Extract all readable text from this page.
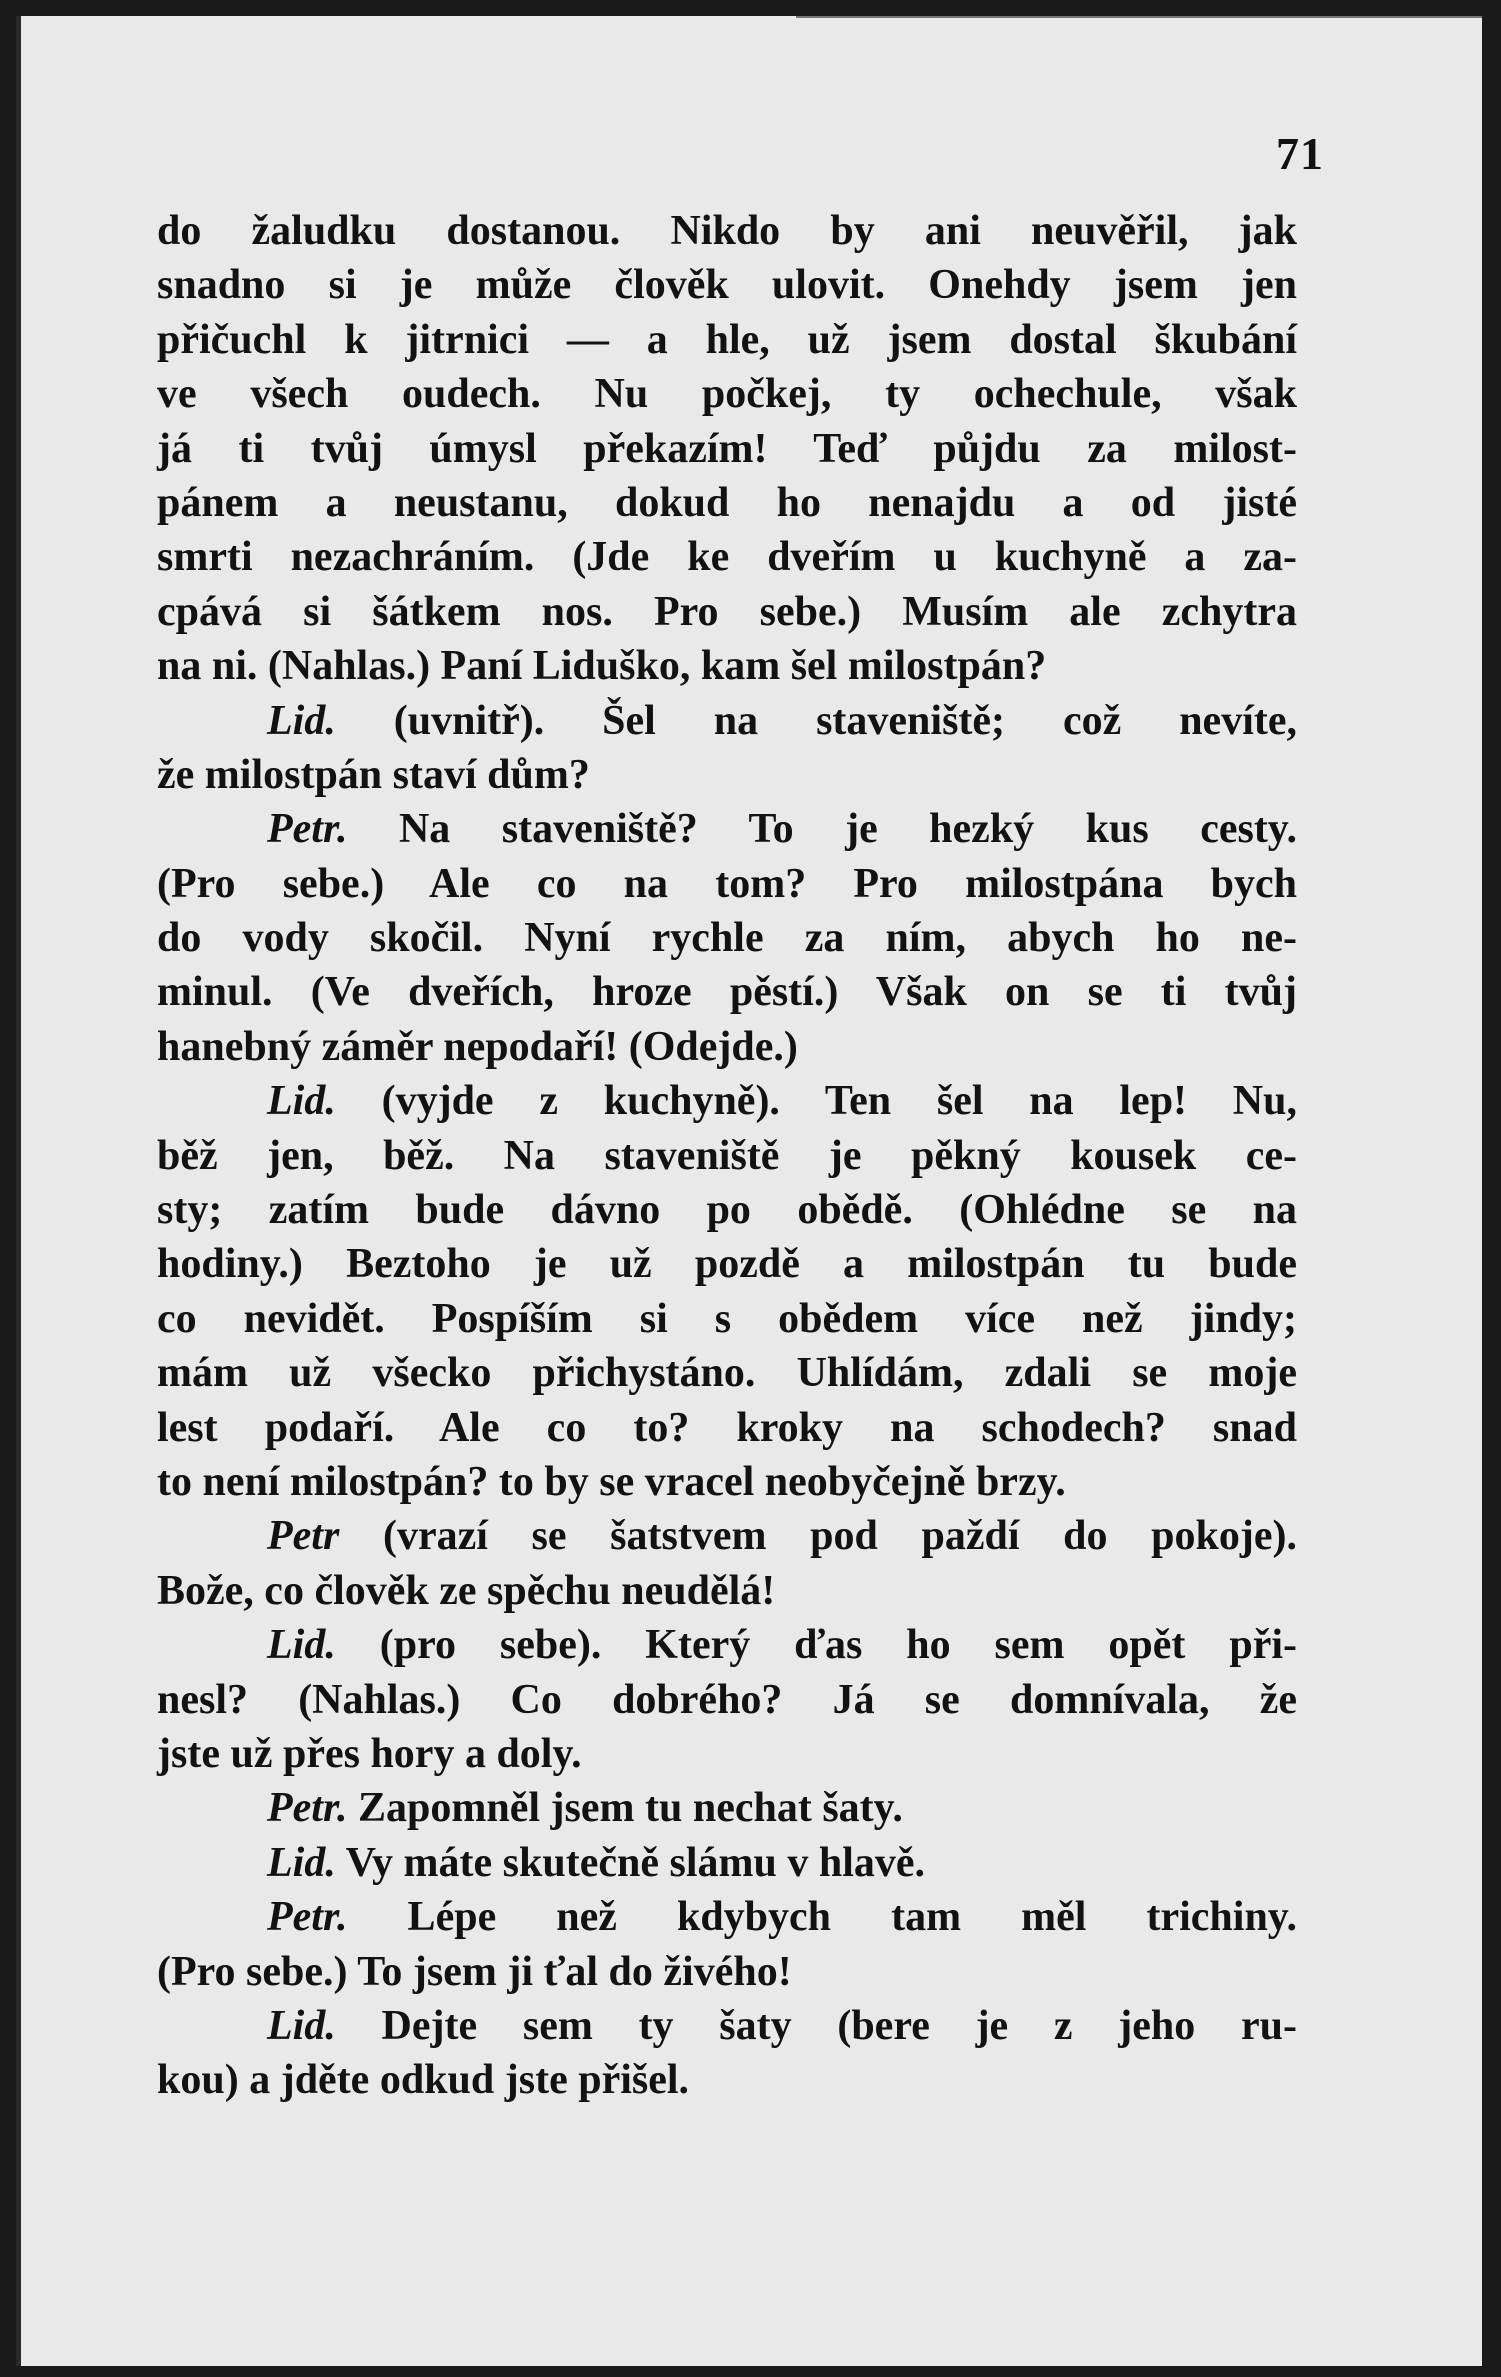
71
do žaludku dostanou. Nikdo by ani neuvěřil, jak
snadno si je může člověk ulovit. Onehdy jsem jen
přičuchl k jitrnici — a hle, už jsem dostal škubání
ve všech oudech. Nu počkej, ty ochechule, však
já ti tvůj úmysl překazím! Teď půjdu za milost-
pánem a neustanu, dokud ho nenajdu a od jisté
smrti nezachráním. (Jde ke dveřím u kuchyně a za-
cpává si šátkem nos. Pro sebe.) Musím ale zchytra
na ni. (Nahlas.) Paní Liduško, kam šel milostpán?
Lid. (uvnitř). Šel na staveniště; což nevíte,
že milostpán staví dům?
Petr. Na staveniště? To je hezký kus cesty.
(Pro sebe.) Ale co na tom? Pro milostpána bych
do vody skočil. Nyní rychle za ním, abych ho ne-
minul. (Ve dveřích, hroze pěstí.) Však on se ti tvůj
hanebný záměr nepodaří! (Odejde.)
Lid. (vyjde z kuchyně). Ten šel na lep! Nu,
běž jen, běž. Na staveniště je pěkný kousek ce-
sty; zatím bude dávno po obědě. (Ohlédne se na
hodiny.) Beztoho je už pozdě a milostpán tu bude
co nevidět. Pospíším si s obědem více než jindy;
mám už všecko přichystáno. Uhlídám, zdali se moje
lest podaří. Ale co to? kroky na schodech? snad
to není milostpán? to by se vracel neobyčejně brzy.
Petr (vrazí se šatstvem pod paždí do pokoje).
Bože, co člověk ze spěchu neudělá!
Lid. (pro sebe). Který ďas ho sem opět při-
nesl? (Nahlas.) Co dobrého? Já se domnívala, že
jste už přes hory a doly.
Petr. Zapomněl jsem tu nechat šaty.
Lid. Vy máte skutečně slámu v hlavě.
Petr. Lépe než kdybych tam měl trichiny.
(Pro sebe.) To jsem ji ťal do živého!
Lid. Dejte sem ty šaty (bere je z jeho ru-
kou) a jděte odkud jste přišel.
